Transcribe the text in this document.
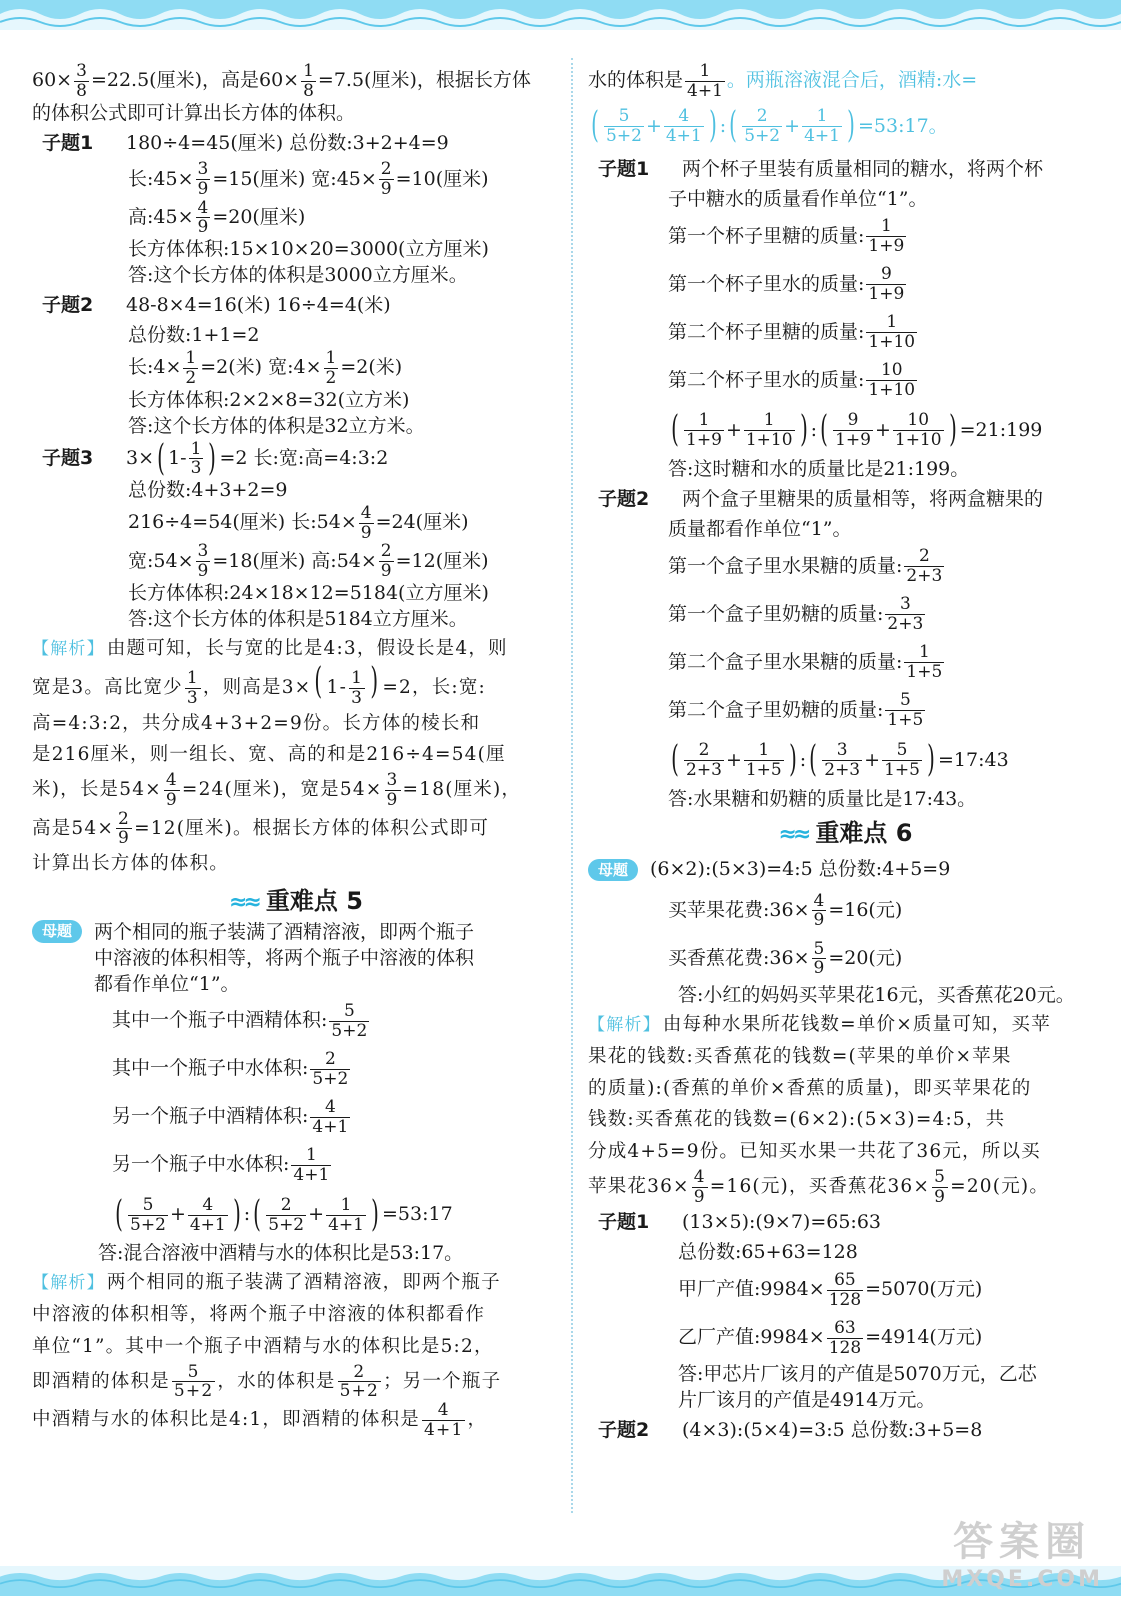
$60\times \frac{3}{8} =22.5$(厘米)，高是$60\times \frac{1}{8} =7.5$(厘米)，根据长方体
的体积公式即可计算出长方体的体积。
子题1	180÷4=45(厘米) 总份数:3+2+4=9
长:45× $\frac{3}{9} =15$(厘米) 宽:45× $\frac{2}{9} =10$(厘米)
高:45× $\frac{4}{9} =20$(厘米)
长方体体积:15×10×20=3000(立方厘米)
答:这个长方体的体积是3000立方厘米。
子题2	48-8×4=16(米) 16÷4=4(米)
总份数:1+1=2
长:4× $\frac{1}{2} =2$(米) 宽:4× $\frac{1}{2} =2$(米)
长方体体积:2×2×8=32(立方米)
答:这个长方体的体积是32立方米。
子题3	3× ( $1- \frac{1}{3}$ ) =2 长:宽:高=4:3:2
总份数:4+3+2=9
216÷4=54(厘米) 长:54× $\frac{4}{9} =24$(厘米)
宽:54× $\frac{3}{9} =18$(厘米) 高:54× $\frac{2}{9} =12$(厘米)
长方体体积:24×18×12=5184(立方厘米)
答:这个长方体的体积是5184立方厘米。
【解析】 由题可知，长与宽的比是4:3，假设长是4，则
宽是3。高比宽少 $\frac{1}{3}$ ，则高是3×( $1- \frac{1}{3}$ ) =2，长:宽:
高=4:3:2，共分成4+3+2=9份。长方体的棱长和
是216厘米，则一组长、宽、高的和是216÷4=54(厘
米)，长是$54\times \frac{4}{9} =24$(厘米)，宽是$54\times \frac{3}{9} =18$(厘米)，
高是$54\times \frac{2}{9} =12$(厘米)。根据长方体的体积公式即可
计算出长方体的体积。
≈≈ 重难点 5
母题	两个相同的瓶子装满了酒精溶液，即两个瓶子
中溶液的体积相等，将两个瓶子中溶液的体积
都看作单位“1”。
其中一个瓶子中酒精体积: $\frac{5}{5+2}$
其中一个瓶子中水体积: $\frac{2}{5+2}$
另一个瓶子中酒精体积: $\frac{4}{4+1}$
另一个瓶子中水体积: $\frac{1}{4+1}$
( $\frac{5}{5+2} + \frac{4}{4+1}$ ) : ( $\frac{2}{5+2} + \frac{1}{4+1}$ ) =53:17
答:混合溶液中酒精与水的体积比是53:17。
【解析】 两个相同的瓶子装满了酒精溶液，即两个瓶子
中溶液的体积相等，将两个瓶子中溶液的体积都看作
单位“1”。其中一个瓶子中酒精与水的体积比是5:2，
即酒精的体积是 $\frac{5}{5+2}$ ，水的体积是 $\frac{2}{5+2}$ ；另一个瓶子
中酒精与水的体积比是4:1，即酒精的体积是 $\frac{4}{4+1}$ ，
水的体积是 $\frac{1}{4+1}$ 。两瓶溶液混合后，酒精:水=
( $\frac{5}{5+2} + \frac{4}{4+1}$ ) : ( $\frac{2}{5+2} + \frac{1}{4+1}$ ) =53:17。
子题1	两个杯子里装有质量相同的糖水，将两个杯
子中糖水的质量看作单位“1”。
第一个杯子里糖的质量: $\frac{1}{1+9}$
第一个杯子里水的质量: $\frac{9}{1+9}$
第二个杯子里糖的质量: $\frac{1}{1+10}$
第二个杯子里水的质量: $\frac{10}{1+10}$
( $\frac{1}{1+9} + \frac{1}{1+10}$ ) : ( $\frac{9}{1+9} + \frac{10}{1+10}$ ) =21:199
答:这时糖和水的质量比是21:199。
子题2	两个盒子里糖果的质量相等，将两盒糖果的
质量都看作单位“1”。
第一个盒子里水果糖的质量: $\frac{2}{2+3}$
第一个盒子里奶糖的质量: $\frac{3}{2+3}$
第二个盒子里水果糖的质量: $\frac{1}{1+5}$
第二个盒子里奶糖的质量: $\frac{5}{1+5}$
( $\frac{2}{2+3} + \frac{1}{1+5}$ ) : ( $\frac{3}{2+3} + \frac{5}{1+5}$ ) =17:43
答:水果糖和奶糖的质量比是17:43。
≈≈ 重难点 6
母题	(6×2):(5×3)=4:5 总份数:4+5=9
买苹果花费:36× $\frac{4}{9} =16$(元)
买香蕉花费:36× $\frac{5}{9} =20$(元)
答:小红的妈妈买苹果花16元，买香蕉花20元。
【解析】 由每种水果所花钱数=单价×质量可知，买苹
果花的钱数:买香蕉花的钱数=(苹果的单价×苹果
的质量):(香蕉的单价×香蕉的质量)，即买苹果花的
钱数:买香蕉花的钱数=(6×2):(5×3)=4:5，共
分成4+5=9份。已知买水果一共花了36元，所以买
苹果花$36\times \frac{4}{9} =16$(元)，买香蕉花$36\times \frac{5}{9} =20$(元)。
子题1	(13×5):(9×7)=65:63
总份数:65+63=128
甲厂产值:9984× $\frac{65}{128} =5070$(万元)
乙厂产值:9984× $\frac{63}{128} =4914$(万元)
答:甲芯片厂该月的产值是5070万元，乙芯
片厂该月的产值是4914万元。
子题2	(4×3):(5×4)=3:5 总份数:3+5=8
答案圈
MXQE.COM
